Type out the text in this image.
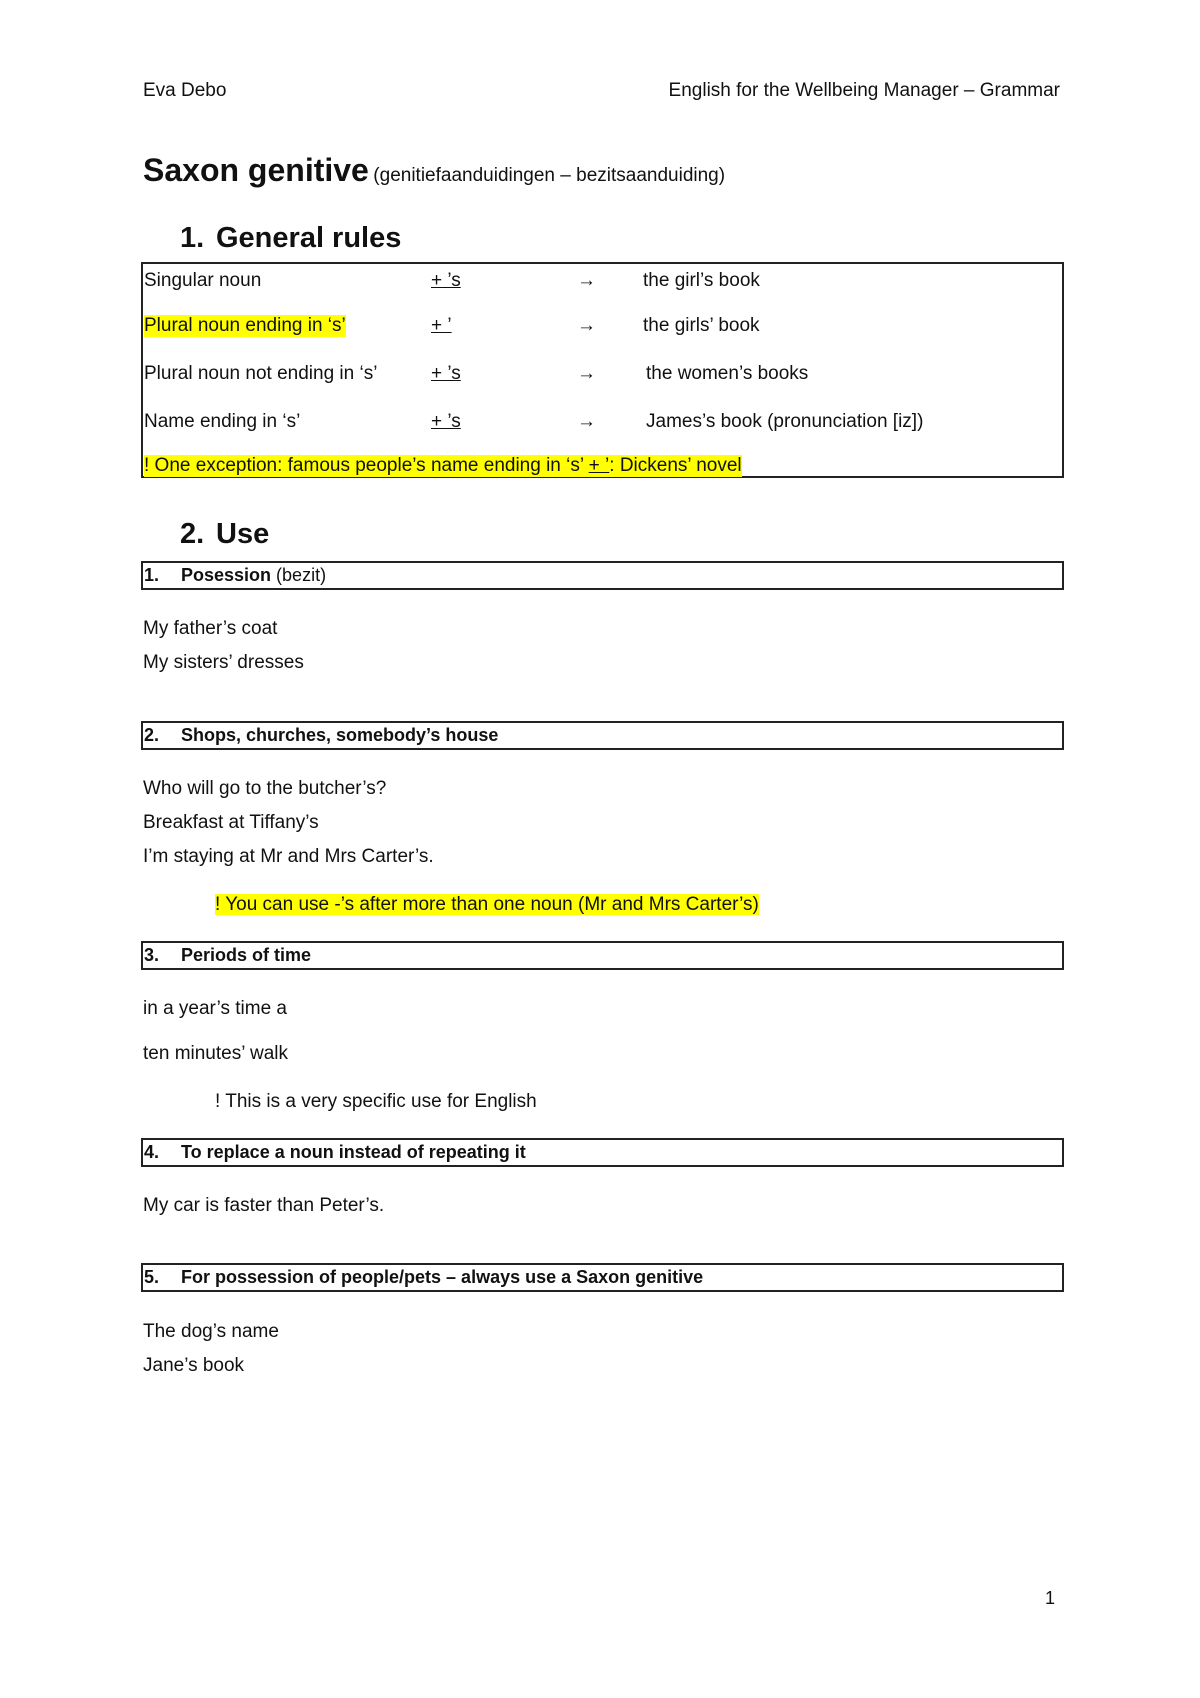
Eva Debo	English for the Wellbeing Manager – Grammar
Saxon genitive (genitiefaanduidingen – bezitsaanduiding)
1. General rules
Singular noun	+ ’s	→ the girl’s book
Plural noun ending in ‘s’	+ ’	→ the girls’ book
Plural noun not ending in ‘s’	+ ’s	→	the women’s books
Name ending in ‘s’	+ ’s	→	James’s book (pronunciation [iz])
! One exception: famous people’s name ending in ‘s’ + ’: Dickens’ novel
2. Use
1. Posession (bezit)
My father’s coat
My sisters’ dresses
2. Shops, churches, somebody’s house
Who will go to the butcher’s?
Breakfast at Tiffany’s
I’m staying at Mr and Mrs Carter’s.
! You can use -’s after more than one noun (Mr and Mrs Carter’s)
3. Periods of time
in a year’s time a
ten minutes’ walk
! This is a very specific use for English
4. To replace a noun instead of repeating it
My car is faster than Peter’s.
5. For possession of people/pets – always use a Saxon genitive
The dog’s name
Jane’s book
1
